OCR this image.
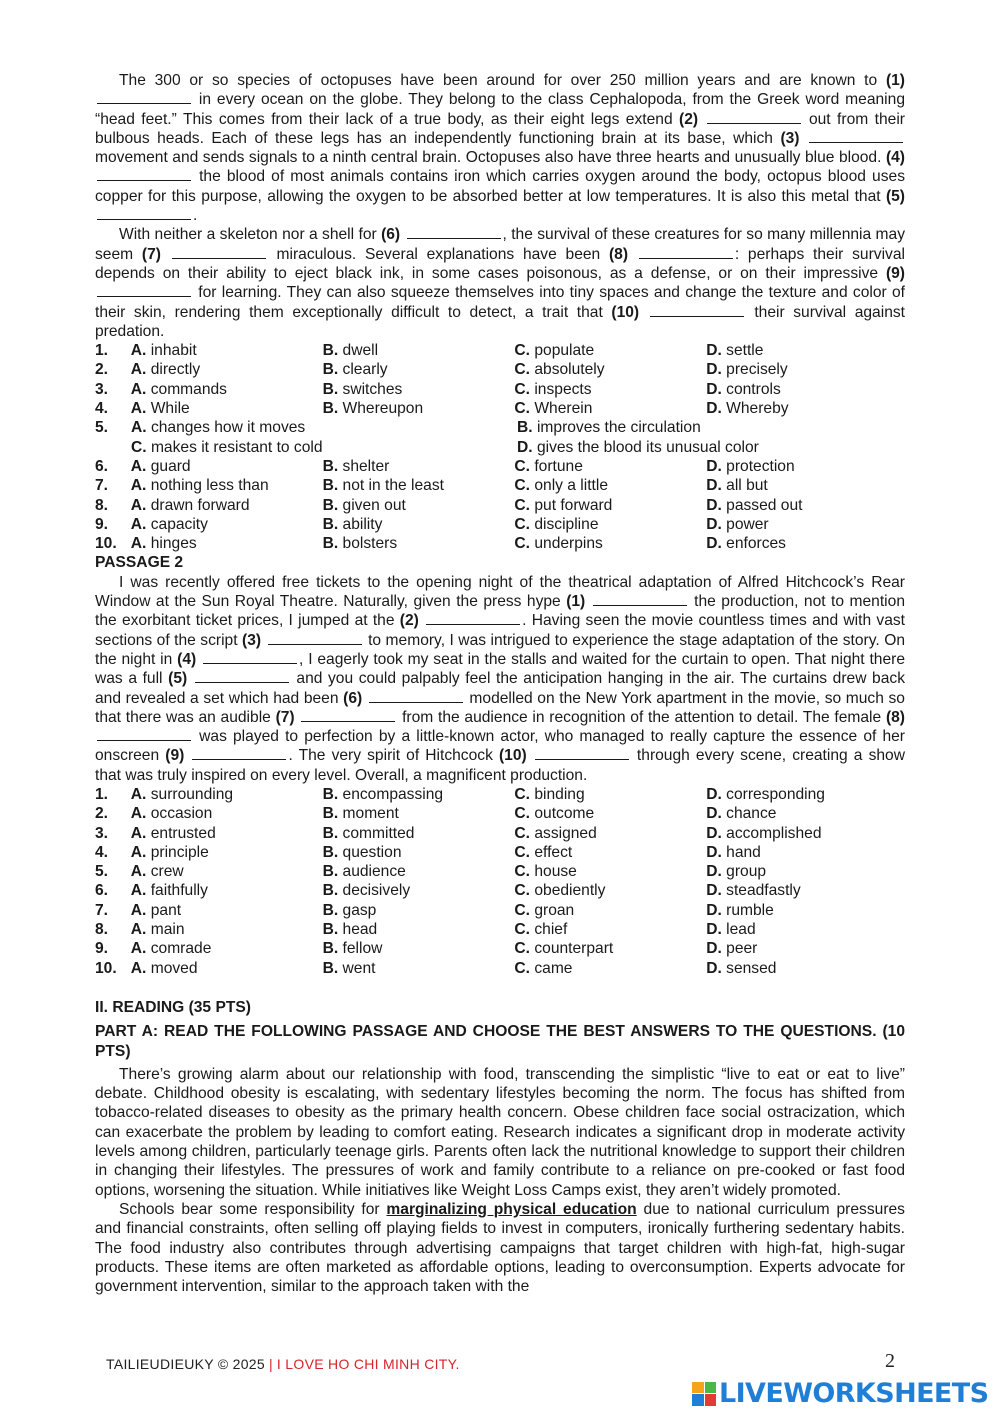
The 300 or so species of octopuses have been around for over 250 million years and are known to (1)  in every ocean on the globe. They belong to the class Cephalopoda, from the Greek word meaning “head feet.” This comes from their lack of a true body, as their eight legs extend (2)	out from their bulbous heads. Each of these legs has an independently functioning brain at its base, which (3)  movement and sends signals to a ninth central brain. Octopuses also have three hearts and unusually blue blood. (4)  the blood of most animals contains iron which carries oxygen around the body, octopus blood uses copper for this purpose, allowing the oxygen to be absorbed better at low temperatures. It is also this metal that (5) .

With neither a skeleton nor a shell for (6)	, the survival of these creatures for so many millennia may seem (7)	miraculous. Several explanations have been (8)	: perhaps their survival depends on their ability to eject black ink, in some cases poisonous, as a defense, or on their impressive (9)  for learning. They can also squeeze themselves into tiny spaces and change the texture and color of their skin, rendering them exceptionally difficult to detect, a trait that (10)	their survival against predation.

1.	A. inhabit	B. dwell	C. populate	D. settle
2.	A. directly	B. clearly	C. absolutely	D. precisely
3.	A. commands	B. switches	C. inspects	D. controls
4.	A. While	B. Whereupon	C. Wherein	D. Whereby
5.	A. changes how it moves	B. improves the circulation
C. makes it resistant to cold	D. gives the blood its unusual color
6.	A. guard	B. shelter	C. fortune	D. protection
7.	A. nothing less than	B. not in the least	C. only a little	D. all but
8.	A. drawn forward	B. given out	C. put forward	D. passed out
9.	A. capacity	B. ability	C. discipline	D. power
10. A. hinges	B. bolsters	C. underpins	D. enforces

PASSAGE 2

I was recently offered free tickets to the opening night of the theatrical adaptation of Alfred Hitchcock’s Rear Window at the Sun Royal Theatre. Naturally, given the press hype (1)	the production, not to mention the exorbitant ticket prices, I jumped at the (2)	. Having seen the movie countless times and with vast sections of the script (3)	to memory, I was intrigued to experience the stage adaptation of the story. On the night in (4)	, I eagerly took my seat in the stalls and waited for the curtain to open. That night there was a full (5)	and you could palpably feel the anticipation hanging in the air. The curtains drew back and revealed a set which had been (6)	modelled on the New York apartment in the movie, so much so that there was an audible (7)	from the audience in recognition of the attention to detail. The female (8)  was played to perfection by a little-known actor, who managed to really capture the essence of her onscreen (9)	. The very spirit of Hitchcock (10)	through every scene, creating a show that was truly inspired on every level. Overall, a magnificent production.

1.	A. surrounding	B. encompassing	C. binding	D. corresponding
2.	A. occasion	B. moment	C. outcome	D. chance
3.	A. entrusted	B. committed	C. assigned	D. accomplished
4.	A. principle	B. question	C. effect	D. hand
5.	A. crew	B. audience	C. house	D. group
6.	A. faithfully	B. decisively	C. obediently	D. steadfastly
7.	A. pant	B. gasp	C. groan	D. rumble
8.	A. main	B. head	C. chief	D. lead
9.	A. comrade	B. fellow	C. counterpart	D. peer
10. A. moved	B. went	C. came	D. sensed

II. READING (35 PTS)

PART A: READ THE FOLLOWING PASSAGE AND CHOOSE THE BEST ANSWERS TO THE QUESTIONS. (10 PTS)

There’s growing alarm about our relationship with food, transcending the simplistic “live to eat or eat to live” debate. Childhood obesity is escalating, with sedentary lifestyles becoming the norm. The focus has shifted from tobacco-related diseases to obesity as the primary health concern. Obese children face social ostracization, which can exacerbate the problem by leading to comfort eating. Research indicates a significant drop in moderate activity levels among children, particularly teenage girls. Parents often lack the nutritional knowledge to support their children in changing their lifestyles. The pressures of work and family contribute to a reliance on pre-cooked or fast food options, worsening the situation. While initiatives like Weight Loss Camps exist, they aren’t widely promoted.

Schools bear some responsibility for marginalizing physical education due to national curriculum pressures and financial constraints, often selling off playing fields to invest in computers, ironically furthering sedentary habits. The food industry also contributes through advertising campaigns that target children with high-fat, high-sugar products. These items are often marketed as affordable options, leading to overconsumption. Experts advocate for government intervention, similar to the approach taken with the

TAILIEUDIEUKY © 2025 | I LOVE HO CHI MINH CITY.	2
LIVEWORKSHEETS
